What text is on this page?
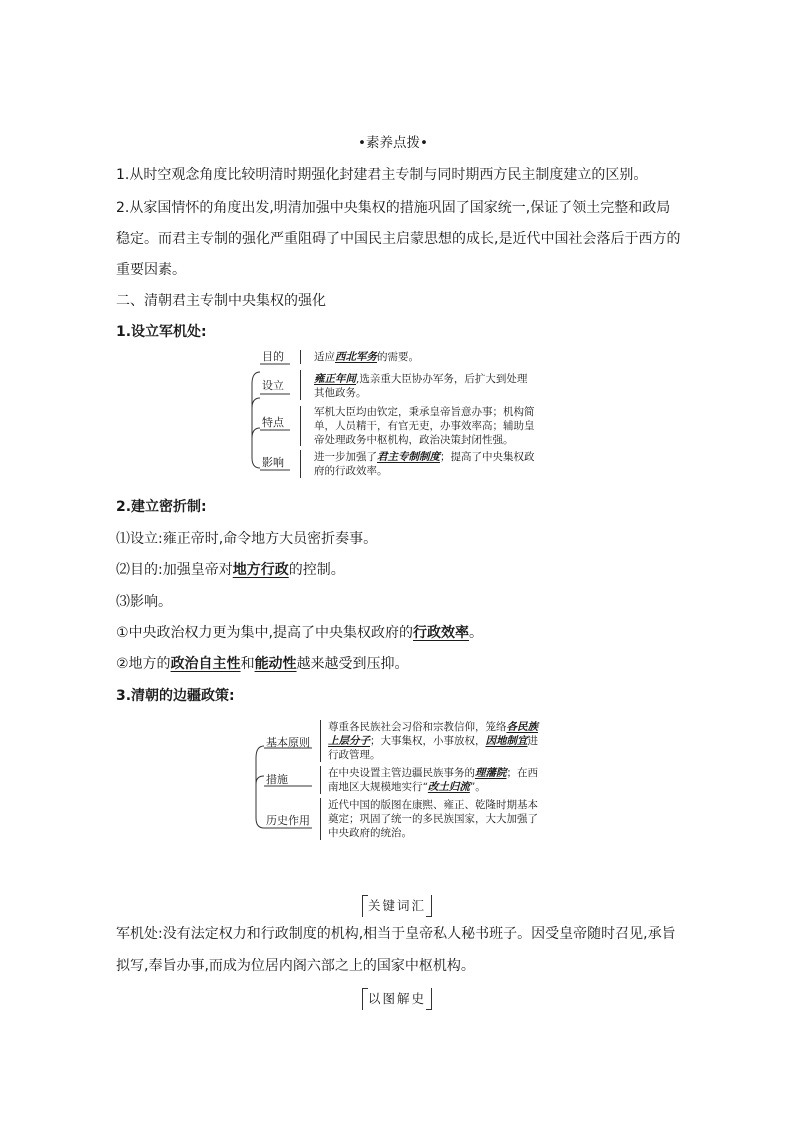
•素养点拨•
1.从时空观念角度比较明清时期强化封建君主专制与同时期西方民主制度建立的区别。
2.从家国情怀的角度出发,明清加强中央集权的措施巩固了国家统一,保证了领土完整和政局
稳定。而君主专制的强化严重阻碍了中国民主启蒙思想的成长,是近代中国社会落后于西方的
重要因素。
二、清朝君主专制中央集权的强化
1.设立军机处:
目的
设立
特点
影响
适应西北军务的需要。
雍正年间,选亲重大臣协办军务，后扩大到处理
其他政务。
军机大臣均由钦定，秉承皇帝旨意办事；机构简
单，人员精干，有官无吏，办事效率高；辅助皇
帝处理政务中枢机构，政治决策封闭性强。
进一步加强了君主专制制度；提高了中央集权政
府的行政效率。
2.建立密折制:
⑴设立:雍正帝时,命令地方大员密折奏事。
⑵目的:加强皇帝对地方行政的控制。
⑶影响。
①中央政治权力更为集中,提高了中央集权政府的行政效率。
②地方的政治自主性和能动性越来越受到压抑。
3.清朝的边疆政策:
基本原则
措施
历史作用
尊重各民族社会习俗和宗教信仰，笼络各民族
上层分子；大事集权，小事放权，因地制宜进
行政管理。
在中央设置主管边疆民族事务的理藩院；在西
南地区大规模地实行“改土归流”。
近代中国的版图在康熙、雍正、乾隆时期基本
奠定；巩固了统一的多民族国家，大大加强了
中央政府的统治。
关键词汇
军机处:没有法定权力和行政制度的机构,相当于皇帝私人秘书班子。因受皇帝随时召见,承旨
拟写,奉旨办事,而成为位居内阁六部之上的国家中枢机构。
以图解史
